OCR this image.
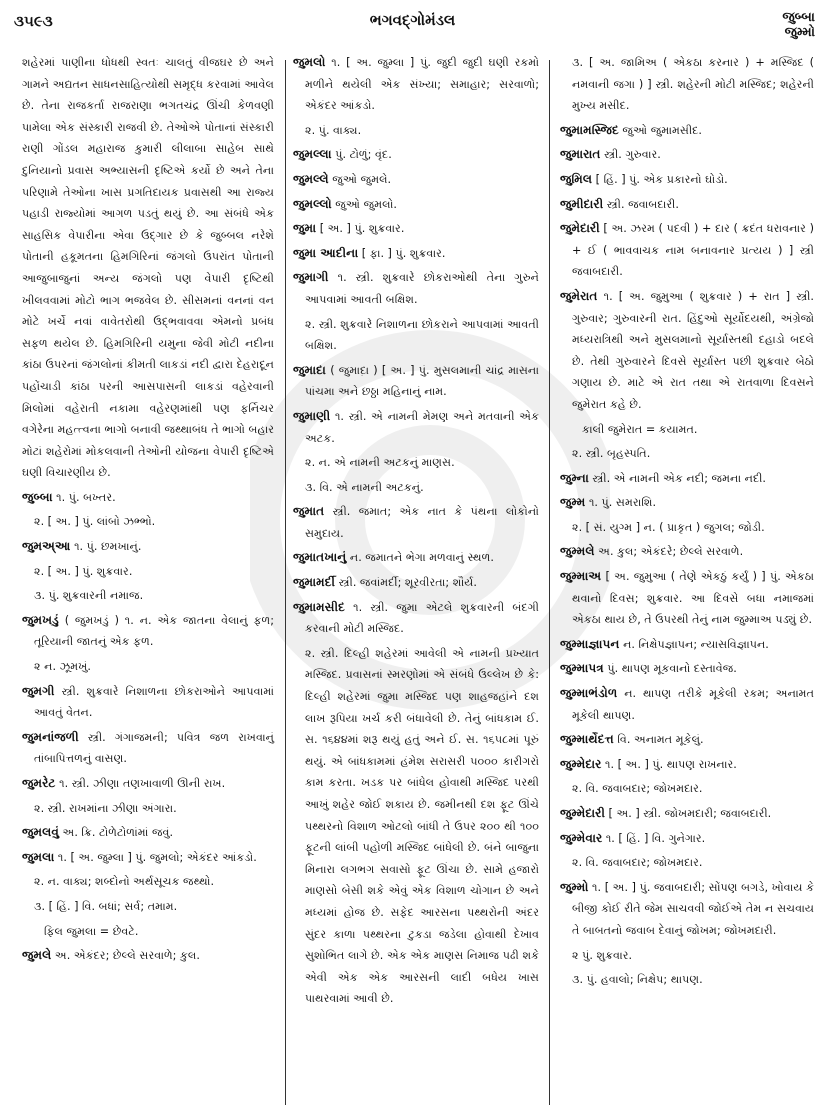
૩૫૯૩	ભગવદ્ગોમંડલ	જુબ્બા
જુમ્મો

શહેરમાં પાણીના ધોધથી સ્વતઃ ચાલતું વીજઘર છે અને ગામને અદ્યતન સાધનસાહિત્યોથી સમૃદ્ધ કરવામાં આવેલ છે. તેના રાજકર્તા રાજરાણા ભગતચંદ્ર ઊંચી કેળવણી પામેલા એક સંસ્કારી રાજવી છે. તેઓએ પોતાનાં સંસ્કારી રાણી ગોંડલ મહારાજ કુમારી લીલાબા સાહેબ સાથે દુનિયાનો પ્રવાસ અભ્યાસની દૃષ્ટિએ કર્યો છે અને તેના પરિણામે તેઓના ખાસ પ્રગતિદાયક પ્રવાસથી આ રાજ્ય પહાડી રાજ્યોમાં આગળ પડતું થયું છે. આ સંબંધે એક સાહસિક વેપારીના એવા ઉદ્ગાર છે કે જુબ્બલ નરેશે પોતાની હકૂમતના હિમગિરિનાં જંગલો ઉપરાંત પોતાની આજુબાજુનાં અન્ય જંગલો પણ વેપારી દૃષ્ટિથી ખીલવવામાં મોટો ભાગ ભજવેલ છે. સીસમનાં વનનાં વન મોટે ખર્ચે નવાં વાવેતરોથી ઉદ્ભવાવવા એમનો પ્રબંધ સફળ થયેલ છે. હિમગિરિની યમુના જેવી મોટી નદીના કાંઠા ઉપરનાં જંગલોનાં કીમતી લાકડાં નદી દ્વારા દેહરાદૂન પહોંચાડી કાંઠા પરની આસપાસની લાકડાં વહેરવાની મિલોમાં વહેરાતી નકામા વહેરણમાંથી પણ ફર્નિચર વગેરેના મહત્ત્વના ભાગો બનાવી જથ્થાબંધ તે ભાગો બહાર મોટાં શહેરોમાં મોકલવાની તેઓની યોજના વેપારી દૃષ્ટિએ ઘણી વિચારણીય છે.

જુબ્બા ૧. પું. બખ્તર.

૨. [ અ. ] પું. લાંબો ઝભ્ભો.

જુમઅ્આ ૧. પું. છમખાનું.

૨. [ અ. ] પું. શુક્રવાર.

૩. પું. શુક્રવારની નમાજ.

જુમખડું ( જુમખડું ) ૧. ન. એક જાતના વેલાનું ફળ; તૂરિયાની જાતનું એક ફળ.

૨ ન. ઝૂમખું.

જુમગી સ્ત્રી. શુક્રવારે નિશાળના છોકરાઓને આપવામાં આવતું વેતન.

જુમનાંજળી સ્ત્રી. ગંગાજમની; પવિત્ર જળ રાખવાનું તાંબાપિત્તળનું વાસણ.

જુમરેટ ૧. સ્ત્રી. ઝીણા તણખાવાળી ઊની રાખ.

૨. સ્ત્રી. રાખમાંના ઝીણા અંગારા.

જુમલવું અ. ક્રિ. ટોળેટોળાંમાં જવું.

જુમલા ૧. [ અ. જુમ્લા ] પું. જુમલો; એકંદર આંકડો.

૨. ન. વાક્ય; શબ્દોનો અર્થસૂચક જથ્થો.

૩. [ હિં. ] વિ. બધાં; સર્વ; તમામ.

ફિલ જુમલા = છેવટે.

જુમલે અ. એકંદર; છેલ્લે સરવાળે; કુલ.

જુમલો ૧. [ અ. જુમ્લા ] પું. જુદી જુદી ઘણી રકમો મળીને થયેલી એક સંખ્યા; સમાહાર; સરવાળો; એકંદર આંકડો.

૨. પું. વાક્ય.

જુમલ્લા પું. ટોળું; વૃંદ.

જુમલ્લે જુઓ જુમલે.

જુમલ્લો જુઓ જુમલો.

જુમા [ અ. ] પું. શુક્રવાર.

જુમા આદીના [ ફા. ] પું. શુક્રવાર.

જુમાગી ૧. સ્ત્રી. શુક્રવારે છોકરાઓથી તેના ગુરુને આપવામાં આવતી બક્ષિશ.

૨. સ્ત્રી. શુક્રવારે નિશાળના છોકરાને આપવામાં આવતી બક્ષિશ.

જુમાદા ( જુમાદ઼ા ) [ અ. ] પું. મુસલમાની ચાંદ્ર માસના પાંચમા અને છઠ્ઠા મહિનાનું નામ.

જુમાણી ૧. સ્ત્રી. એ નામની મેમણ અને મતવાની એક અટક.

૨. ન. એ નામની અટકનું માણસ.

૩. વિ. એ નામની અટકનું.

જુમાત સ્ત્રી. જમાત; એક નાત કે પંથના લોકોનો સમુદાય.

જુમાતખાનું ન. જમાતને ભેગા મળવાનું સ્થળ.

જુમામર્દી સ્ત્રી. જવાંમર્દી; શૂરવીરતા; શૌર્ય.

જુમામસીદ ૧. સ્ત્રી. જુમા એટલે શુક્રવારની બંદગી કરવાની મોટી મસ્જિદ.

૨. સ્ત્રી. દિલ્હી શહેરમાં આવેલી એ નામની પ્રખ્યાત મસ્જિદ. પ્રવાસનાં સ્મરણોમાં એ સંબંધે ઉલ્લેખ છે કે: દિલ્હી શહેરમાં જુમા મસ્જિદ પણ શાહજહાંને દશ લાખ રૂપિયા ખર્ચ કરી બંધાવેલી છે. તેનું બાંધકામ ઈ. સ. ૧૬૪૪માં શરૂ થયું હતું અને ઈ. સ. ૧૬૫૮માં પૂરું થયું. એ બાંધકામમાં હંમેશ સરાસરી ૫૦૦૦ કારીગરો કામ કરતા. ખડક પર બાંધેલ હોવાથી મસ્જિદ પરથી આખું શહેર જોઈ શકાય છે. જમીનથી દશ ફૂટ ઊંચે પથ્થરનો વિશાળ ઓટલો બાંધી તે ઉપર ૨૦૦ થી ૧૦૦ ફૂટની લાંબી પહોળી મસ્જિદ બાંધેલી છે. બંને બાજુના મિનારા લગભગ સવાસો ફૂટ ઊંચા છે. સામે હજારો માણસો બેસી શકે એવું એક વિશાળ ચોગાન છે અને મધ્યમાં હોજ છે. સફેદ આરસના પથ્થરોની અંદર સુંદર કાળા પથ્થરના ટુકડા જડેલા હોવાથી દેખાવ સુશોભિત લાગે છે. એક એક માણસ નિમાજ પઢી શકે એવી એક એક આરસની લાદી બધેય ખાસ પાથરવામાં આવી છે.

૩. [ અ. જામિઅ ( એકઠા કરનાર ) + મસ્જિદ ( નમવાની જગા ) ] સ્ત્રી. શહેરની મોટી મસ્જિદ; શહેરની મુખ્ય મસીદ.

જુમામસ્જિદ જુઓ જુમામસીદ.

જુમારાત સ્ત્રી. ગુરુવાર.

જુમિલ [ હિં. ] પું. એક પ્રકારનો ઘોડો.

જુમીદારી સ્ત્રી. જવાબદારી.

જુમેદારી [ અ. ઝરમ ( પદવી ) + દાર ( ક્રદંત ધરાવનાર ) + ઈ ( ભાવવાચક નામ બનાવનાર પ્રત્યય ) ] સ્ત્રી જવાબદારી.

જુમેરાત ૧. [ અ. જુમુઆ ( શુક્રવાર ) + રાત ] સ્ત્રી. ગુરુવાર; ગુરુવારની રાત. હિંદુઓ સૂર્યોદયથી, અંગ્રેજો મધ્યરાત્રિથી અને મુસલમાનો સૂર્યાસ્તથી દહાડો બદલે છે. તેથી ગુરુવારને દિવસે સૂર્યાસ્ત પછી શુક્રવાર બેઠો ગણાય છે. માટે એ રાત તથા એ રાતવાળા દિવસને જુમેરાત કહે છે.

કાલી જુમેરાત = કયામત.

૨. સ્ત્રી. બૃહસ્પતિ.

જુમ્ના સ્ત્રી. એ નામની એક નદી; જમના નદી.

જુમ્મ ૧. પું. સમરાશિ.

૨. [ સં. યુગ્મ ] ન. ( પ્રાકૃત ) જુગલ; જોડી.

જુમ્મલે અ. કુલ; એકંદરે; છેલ્લે સરવાળે.

જુમ્માઅ [ અ. જુમુઆ ( તેણે એકઠું કર્યું ) ] પું. એકઠા થવાનો દિવસ; શુક્રવાર. આ દિવસે બધા નમાજમાં એકઠા થાય છે, તે ઉપરથી તેનું નામ જુમ્માઅ પડ્યું છે.

જુમ્માજ્ઞાપન ન. નિક્ષેપજ્ઞાપન; ન્યાસવિજ્ઞાપન.

જુમ્માપત્ર પું. થાપણ મૂકવાનો દસ્તાવેજ.

જુમ્માભંડોળ ન. થાપણ તરીકે મૂકેલી રકમ; અનામત મૂકેલી થાપણ.

જુમ્માર્થેદત્ત વિ. અનામત મૂકેલું.

જુમ્મેદાર ૧. [ અ. ] પું. થાપણ રાખનાર.

૨. વિ. જવાબદાર; જોખમદાર.

જુમ્મેદારી [ અ. ] સ્ત્રી. જોખમદારી; જવાબદારી.

જુમ્મેવાર ૧. [ હિં. ] વિ. ગુનેગાર.

૨. વિ. જવાબદાર; જોખમદાર.

જુમ્મો ૧. [ અ. ] પું. જવાબદારી; સોંપણ બગડે, ખોવાય કે બીજી કોઈ રીતે જેમ સાચવવી જોઈએ તેમ ન સચવાય તે બાબતનો જવાબ દેવાનું જોખમ; જોખમદારી.

૨ પું. શુક્રવાર.

૩. પું. હવાલો; નિક્ષેપ; થાપણ.
